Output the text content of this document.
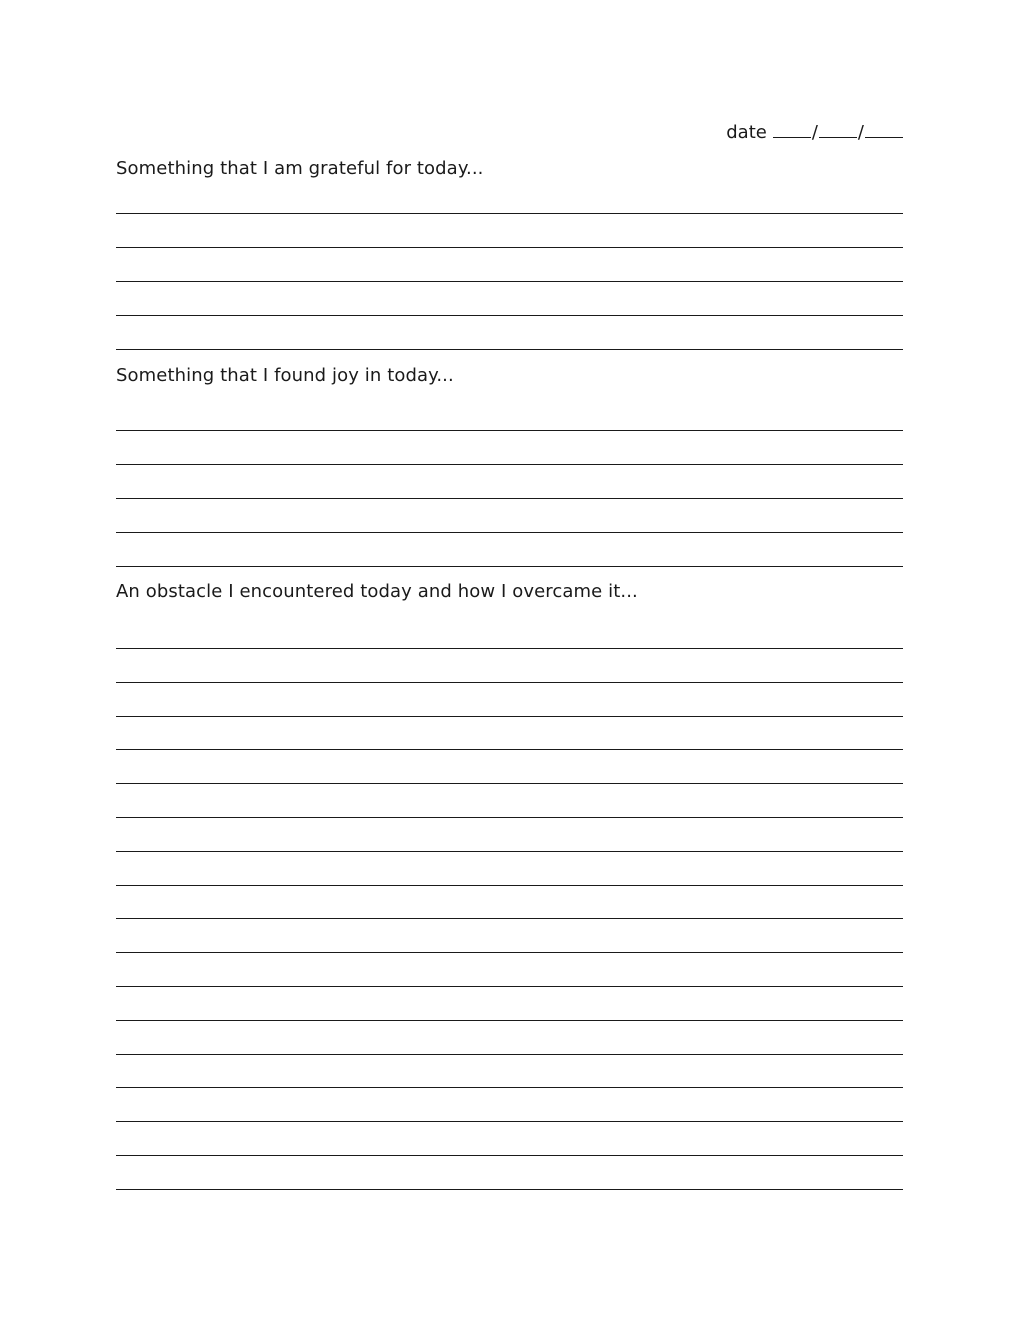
date	/ /
Something that I am grateful for today...
Something that I found joy in today...
An obstacle I encountered today and how I overcame it...
